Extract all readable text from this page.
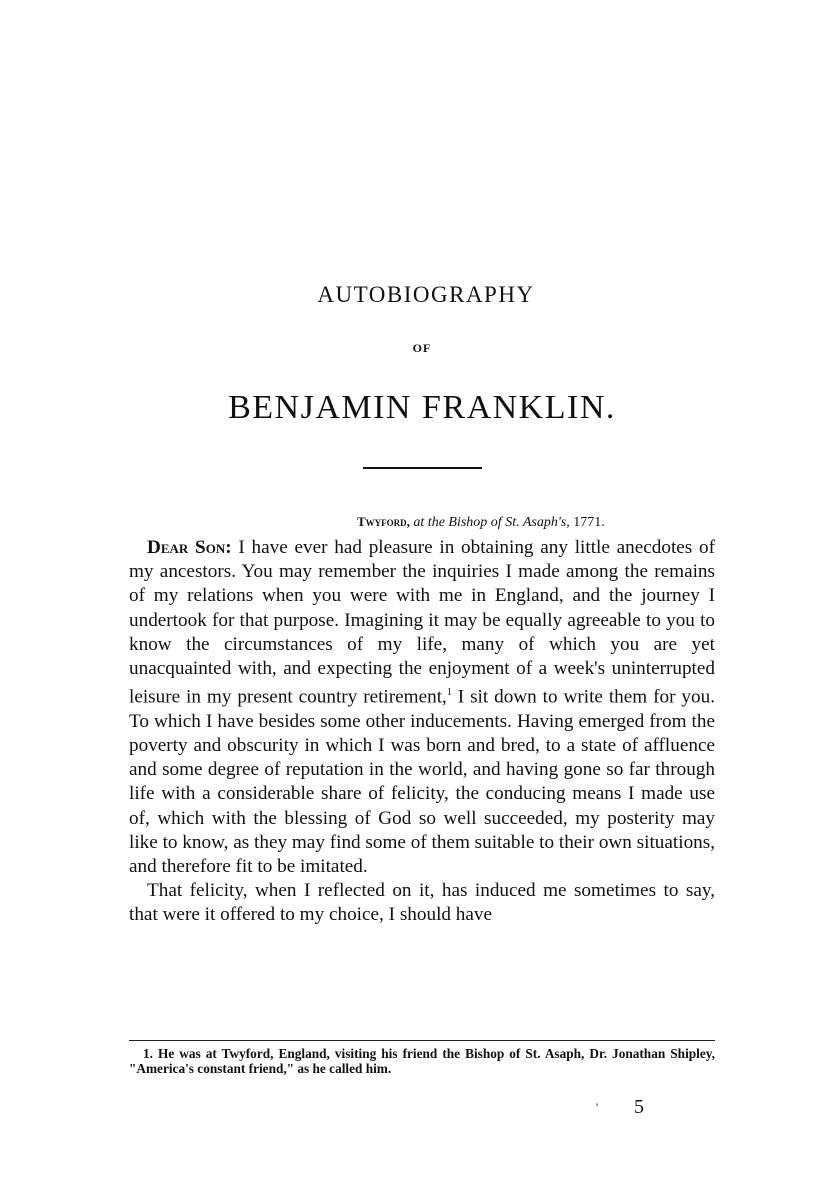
AUTOBIOGRAPHY
OF
BENJAMIN FRANKLIN.
Twyford, at the Bishop of St. Asaph's, 1771.

Dear Son: I have ever had pleasure in obtaining any little anecdotes of my ancestors. You may remember the inquiries I made among the remains of my relations when you were with me in England, and the journey I undertook for that purpose. Imagining it may be equally agreeable to you to know the circumstances of my life, many of which you are yet unacquainted with, and expecting the enjoyment of a week's uninterrupted leisure in my present country retirement,$^1$ I sit down to write them for you. To which I have besides some other inducements. Having emerged from the poverty and obscurity in which I was born and bred, to a state of affluence and some degree of reputation in the world, and having gone so far through life with a considerable share of felicity, the conducing means I made use of, which with the blessing of God so well succeeded, my posterity may like to know, as they may find some of them suitable to their own situations, and therefore fit to be imitated.

That felicity, when I reflected on it, has induced me sometimes to say, that were it offered to my choice, I should have

1. He was at Twyford, England, visiting his friend the Bishop of St. Asaph, Dr. Jonathan Shipley, "America's constant friend," as he called him.

' 5
